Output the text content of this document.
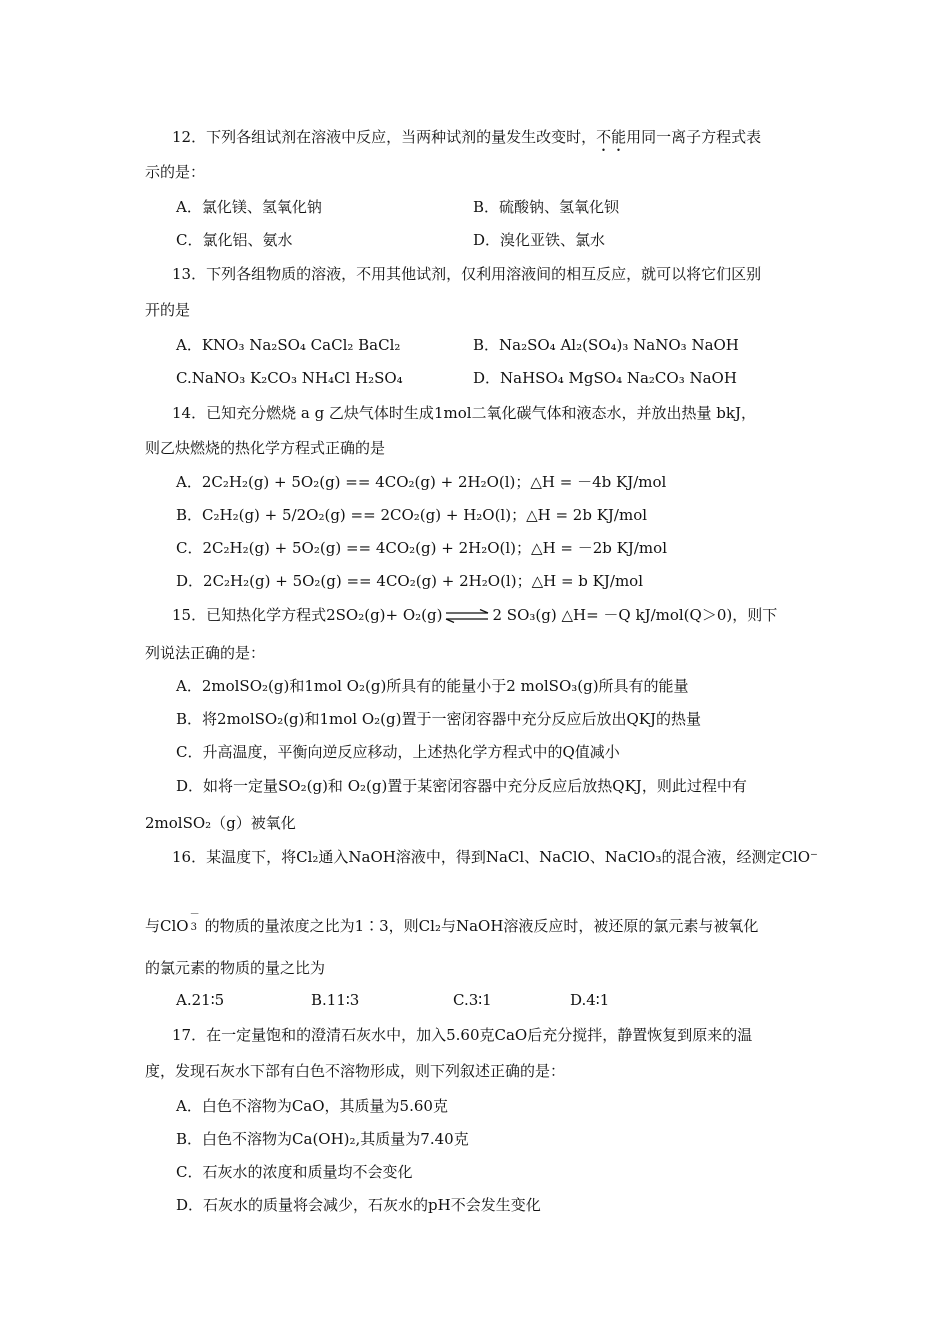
12．下列各组试剂在溶液中反应，当两种试剂的量发生改变时，不能用同一离子方程式表
示的是：
A．氯化镁、氢氧化钠	B．硫酸钠、氢氧化钡
C．氯化铝、氨水	D．溴化亚铁、氯水
13．下列各组物质的溶液，不用其他试剂，仅利用溶液间的相互反应，就可以将它们区别
开的是
A．KNO₃ Na₂SO₄ CaCl₂ BaCl₂	B．Na₂SO₄ Al₂(SO₄)₃ NaNO₃ NaOH
C.NaNO₃ K₂CO₃ NH₄Cl H₂SO₄	D．NaHSO₄ MgSO₄ Na₂CO₃ NaOH
14．已知充分燃烧 a g 乙炔气体时生成1mol二氧化碳气体和液态水，并放出热量 bkJ，
则乙炔燃烧的热化学方程式正确的是
A．2C₂H₂(g) + 5O₂(g) == 4CO₂(g) + 2H₂O(l)；△H = －4b KJ/mol
B．C₂H₂(g) + 5/2O₂(g) == 2CO₂(g) + H₂O(l)；△H = 2b KJ/mol
C．2C₂H₂(g) + 5O₂(g) == 4CO₂(g) + 2H₂O(l)；△H = －2b KJ/mol
D．2C₂H₂(g) + 5O₂(g) == 4CO₂(g) + 2H₂O(l)；△H = b KJ/mol
15．已知热化学方程式2SO₂(g)+ O₂(g) ⇌ 2 SO₃(g) △H= －Q kJ/mol(Q＞0)，则下
列说法正确的是：
A．2molSO₂(g)和1mol O₂(g)所具有的能量小于2 molSO₃(g)所具有的能量
B．将2molSO₂(g)和1mol O₂(g)置于一密闭容器中充分反应后放出QKJ的热量
C．升高温度，平衡向逆反应移动，上述热化学方程式中的Q值减小
D．如将一定量SO₂(g)和 O₂(g)置于某密闭容器中充分反应后放热QKJ，则此过程中有
2molSO₂（g）被氧化
16．某温度下，将Cl₂通入NaOH溶液中，得到NaCl、NaClO、NaClO₃的混合液，经测定ClO⁻
与ClO
－
3 的物质的量浓度之比为1∶3，则Cl₂与NaOH溶液反应时，被还原的氯元素与被氧化
的氯元素的物质的量之比为
A.21∶5	B.11∶3	C.3∶1	D.4∶1
17．在一定量饱和的澄清石灰水中，加入5.60克CaO后充分搅拌，静置恢复到原来的温
度，发现石灰水下部有白色不溶物形成，则下列叙述正确的是：
A．白色不溶物为CaO，其质量为5.60克
B．白色不溶物为Ca(OH)₂,其质量为7.40克
C．石灰水的浓度和质量均不会变化
D．石灰水的质量将会减少，石灰水的pH不会发生变化
